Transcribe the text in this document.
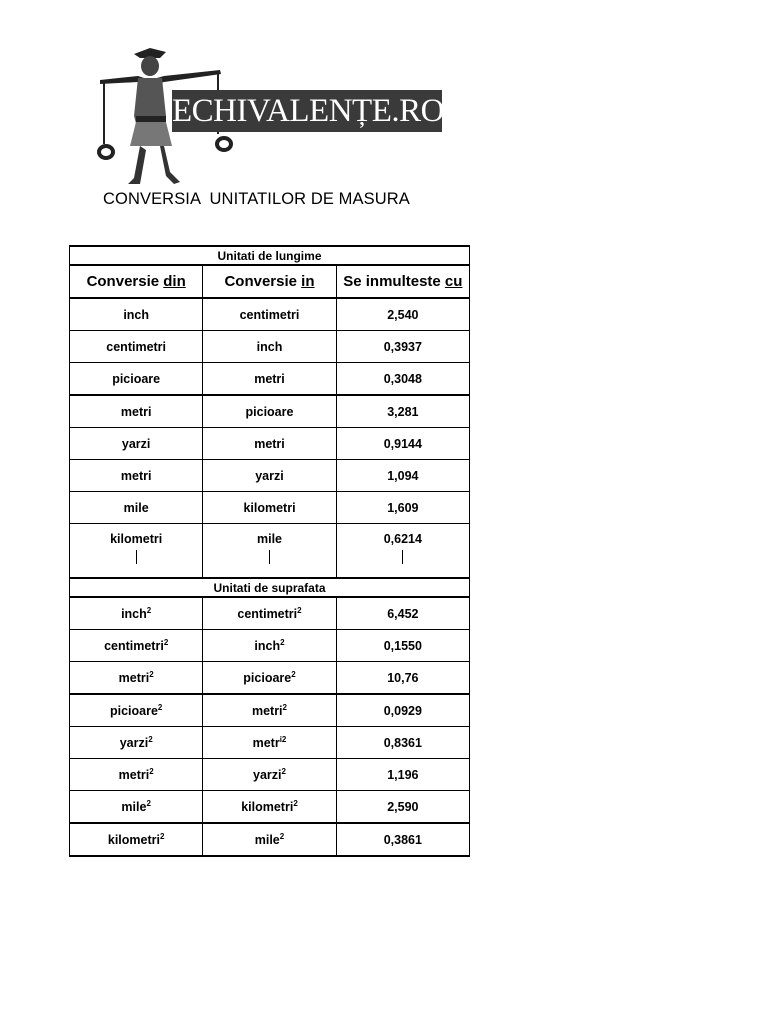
ECHIVALENȚE.RO
CONVERSIA  UNITATILOR DE MASURA
Unitati de lungime		
Conversie din	Conversie in	Se inmulteste cu
inch	centimetri	2,540
centimetri	inch	0,3937
picioare	metri	0,3048
metri	picioare	3,281
yarzi	metri	0,9144
metri	yarzi	1,094
mile	kilometri	1,609
kilometri	mile	0,6214

Unitati de suprafata		
inch$^2$	centimetri$^2$	6,452
centimetri$^2$	inch$^2$	0,1550
metri$^2$	picioare$^2$	10,76
picioare$^2$	metri$^2$	0,0929
yarzi$^2$	metr$^{i2}$	0,8361
metri$^2$	yarzi$^2$	1,196
mile$^2$	kilometri$^2$	2,590
kilometri$^2$	mile$^2$	0,3861
